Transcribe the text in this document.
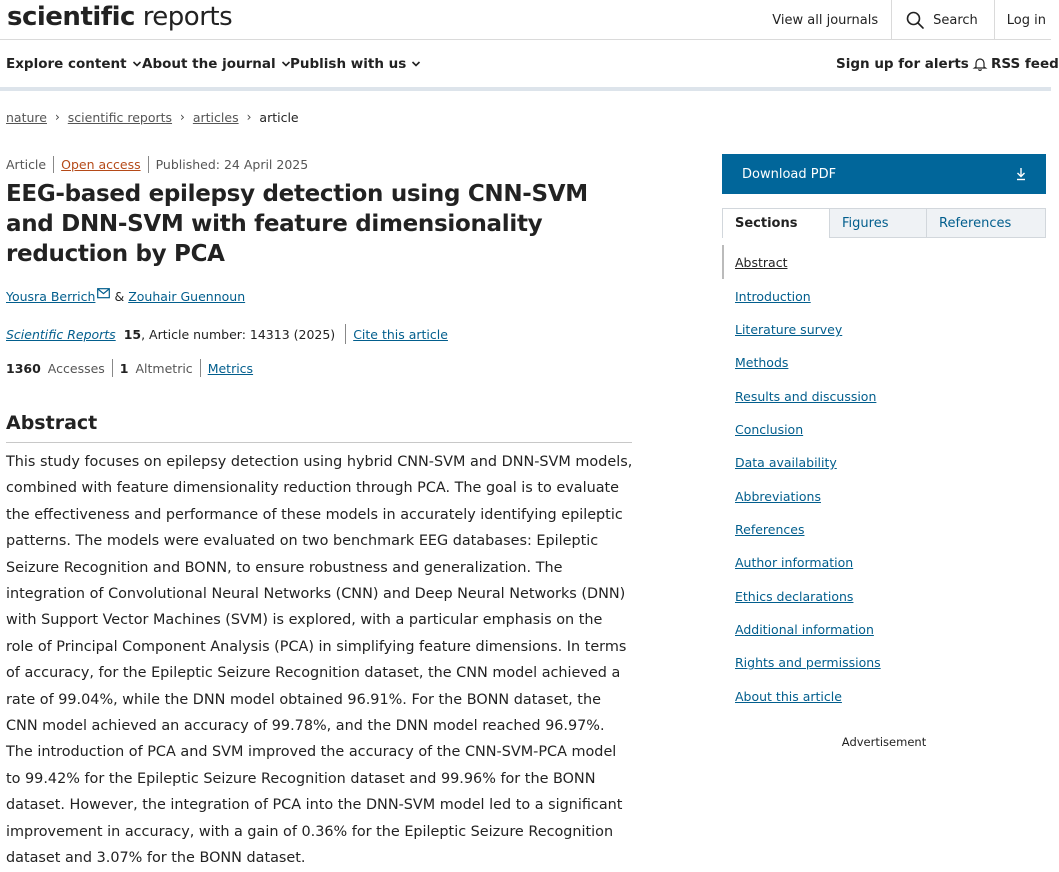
scientific reports	View all journals	Search Log in
Explore content About the journal Publish with us	Sign up for alerts RSS feed
nature › scientific reports › articles › article
Article Open access Published: 24 April 2025
EEG-based epilepsy detection using CNN-SVM and DNN-SVM with feature dimensionality reduction by PCA
Yousra Berrich & Zouhair Guennoun
Scientific Reports 15 , Article number: 14313 (2025) Cite this article
1360 Accesses 1 Altmetric Metrics
Abstract

This study focuses on epilepsy detection using hybrid CNN-SVM and DNN-SVM models, combined with feature dimensionality reduction through PCA. The goal is to evaluate the effectiveness and performance of these models in accurately identifying epileptic patterns. The models were evaluated on two benchmark EEG databases: Epileptic Seizure Recognition and BONN, to ensure robustness and generalization. The integration of Convolutional Neural Networks (CNN) and Deep Neural Networks (DNN) with Support Vector Machines (SVM) is explored, with a particular emphasis on the role of Principal Component Analysis (PCA) in simplifying feature dimensions. In terms of accuracy, for the Epileptic Seizure Recognition dataset, the CNN model achieved a rate of 99.04%, while the DNN model obtained 96.91%. For the BONN dataset, the CNN model achieved an accuracy of 99.78%, and the DNN model reached 96.97%. The introduction of PCA and SVM improved the accuracy of the CNN-SVM-PCA model to 99.42% for the Epileptic Seizure Recognition dataset and 99.96% for the BONN dataset. However, the integration of PCA into the DNN-SVM model led to a significant improvement in accuracy, with a gain of 0.36% for the Epileptic Seizure Recognition dataset and 3.07% for the BONN dataset.

Download PDF
Sections	Figures	References
Abstract
Introduction
Literature survey
Methods
Results and discussion
Conclusion
Data availability
Abbreviations
References
Author information
Ethics declarations
Additional information
Rights and permissions
About this article
Advertisement
